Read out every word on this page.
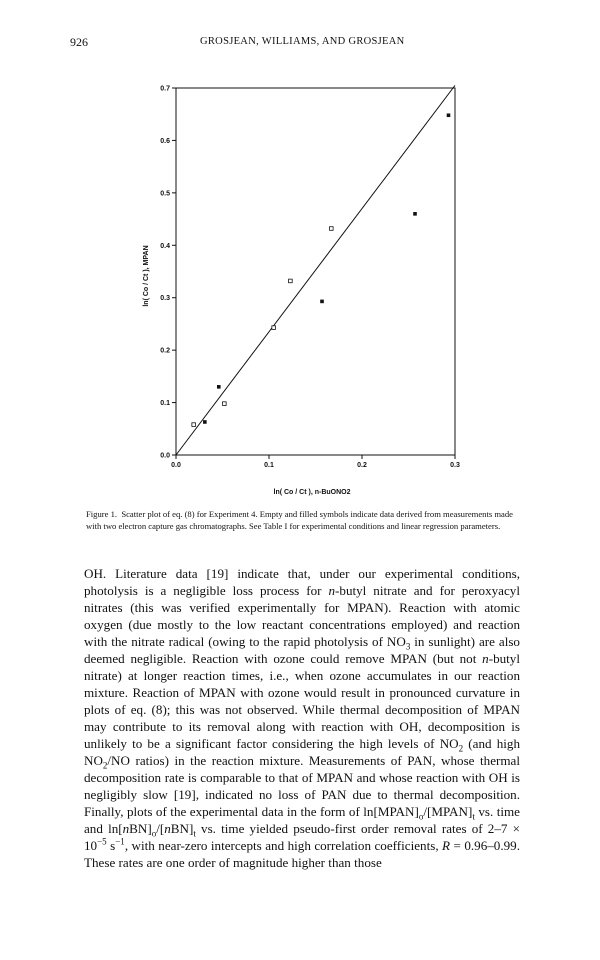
926	GROSJEAN, WILLIAMS, AND GROSJEAN
0.0
0.1
0.2
0.3
0.4
0.5
0.6
0.7
0.0	0.1	0.2	0.3
ln( Co / Ct ), n-BuONO2
ln( Co / Ct ), MPAN
Figure 1. Scatter plot of eq. (8) for Experiment 4. Empty and filled symbols indicate data derived from measurements made with two electron capture gas chromatographs. See Table I for experimental conditions and linear regression parameters.
OH. Literature data [19] indicate that, under our experimental conditions, photolysis is a negligible loss process for n-butyl nitrate and for peroxyacyl nitrates (this was verified experimentally for MPAN). Reaction with atomic oxygen (due mostly to the low reactant concentrations employed) and reaction with the nitrate radical (owing to the rapid photolysis of $NO_3$ in sunlight) are also deemed negligible. Reaction with ozone could remove MPAN (but not n-butyl nitrate) at longer reaction times, i.e., when ozone accumulates in our reaction mixture. Reaction of MPAN with ozone would result in pronounced curvature in plots of eq. (8); this was not observed. While thermal decomposition of MPAN may contribute to its removal along with reaction with OH, decomposition is unlikely to be a significant factor considering the high levels of $NO_2$ (and high $NO_2/NO$ ratios) in the reaction mixture. Measurements of PAN, whose thermal decomposition rate is comparable to that of MPAN and whose reaction with OH is negligibly slow [19], indicated no loss of PAN due to thermal decomposition. Finally, plots of the experimental data in the form of $\ln[MPAN]_o/[MPAN]_t$ vs. time and $\ln[nBN]_o/[nBN]_t$ vs. time yielded pseudo-first order removal rates of $2-7 \times 10^{-5}$ $s^{-1}$, with near-zero intercepts and high correlation coefficients, R = 0.96–0.99. These rates are one order of magnitude higher than those
